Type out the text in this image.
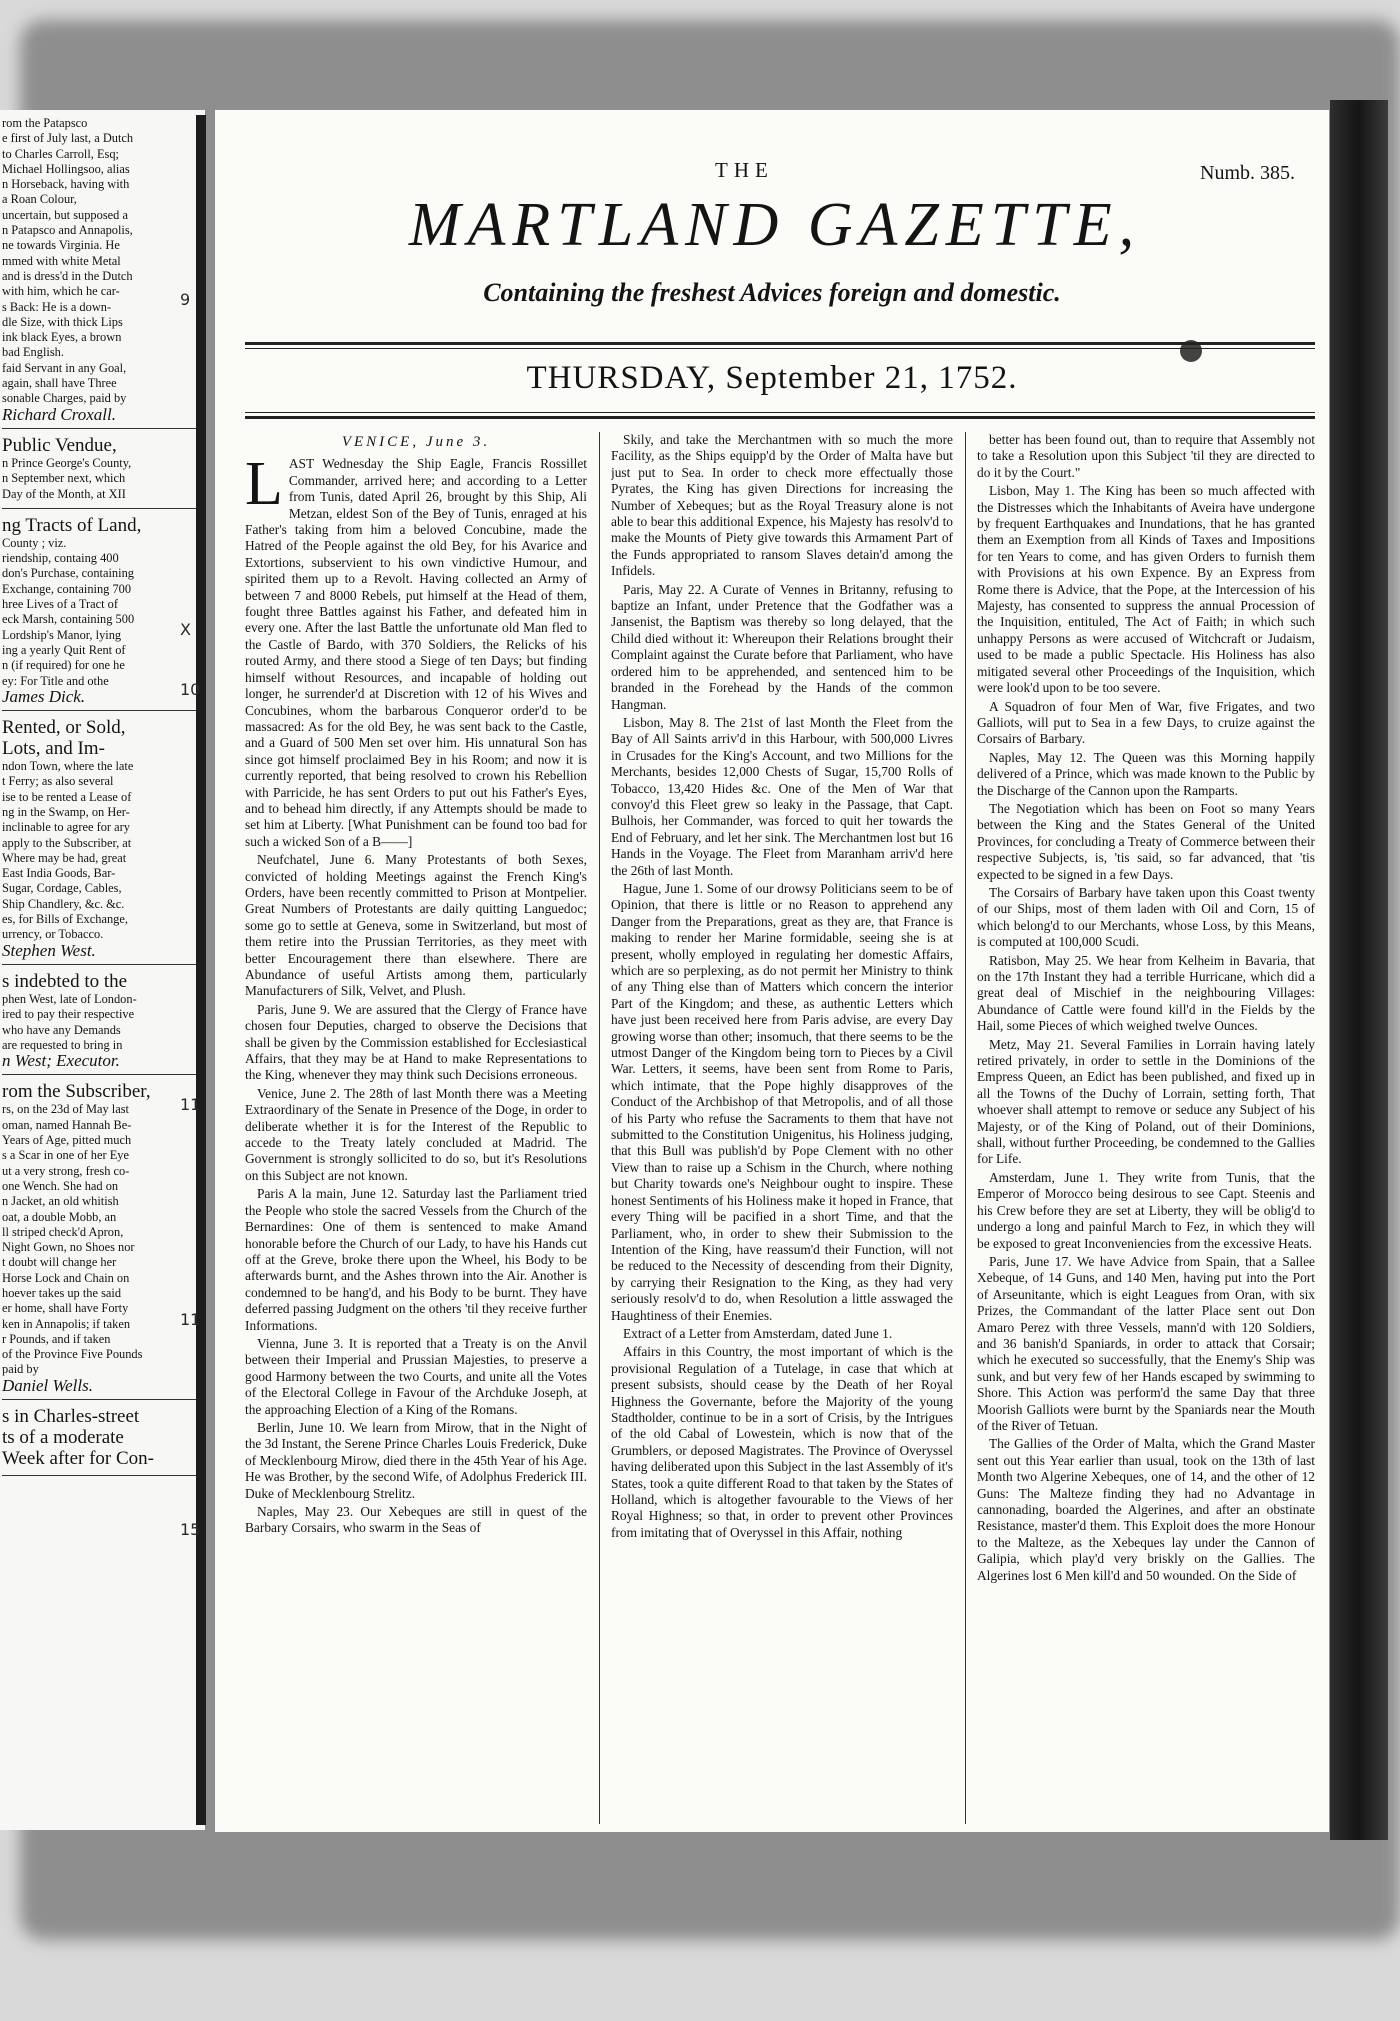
rom the Patapsco

e first of July last, a Dutch

to Charles Carroll, Esq;

Michael Hollingsoo, alias

n Horseback, having with

a Roan Colour,

uncertain, but supposed a

n Patapsco and Annapolis,

ne towards Virginia. He

mmed with white Metal

and is dress'd in the Dutch

with him, which he car-

s Back: He is a down-

dle Size, with thick Lips

ink black Eyes, a brown

bad English.

faid Servant in any Goal,

again, shall have Three

sonable Charges, paid by

Richard Croxall.

Public Vendue,

n Prince George's County,

n September next, which

Day of the Month, at XII

ng Tracts of Land,

County ; viz.

riendship, containg 400

don's Purchase, containing

Exchange, containing 700

hree Lives of a Tract of

eck Marsh, containing 500

Lordship's Manor, lying

ing a yearly Quit Rent of

n (if required) for one he

ey: For Title and othe

James Dick.

Rented, or Sold,

Lots, and Im-

ndon Town, where the late

t Ferry; as also several

ise to be rented a Lease of

ng in the Swamp, on Her-

inclinable to agree for ary

apply to the Subscriber, at

Where may be had, great

East India Goods, Bar-

Sugar, Cordage, Cables,

Ship Chandlery, &c. &c.

es, for Bills of Exchange,

urrency, or Tobacco.

Stephen West.

s indebted to the

phen West, late of London-

ired to pay their respective

who have any Demands

are requested to bring in

n West; Executor.

rom the Subscriber,

rs, on the 23d of May last

oman, named Hannah Be-

Years of Age, pitted much

s a Scar in one of her Eye

ut a very strong, fresh co-

one Wench. She had on

n Jacket, an old whitish

oat, a double Mobb, an

ll striped check'd Apron,

Night Gown, no Shoes nor

t doubt will change her

Horse Lock and Chain on

hoever takes up the said

er home, shall have Forty

ken in Annapolis; if taken

r Pounds, and if taken

of the Province Five Pounds

paid by

Daniel Wells.

s in Charles-street

ts of a moderate

Week after for Con-

9
X
10
11
11
15
THE	Numb. 385.
MARTLAND GAZETTE,
Containing the freshest Advices foreign and domestic.
THURSDAY, September 21, 1752.
VENICE, June 3.
L AST Wednesday the Ship Eagle, Francis Rossillet Commander, arrived here; and according to a Letter from Tunis, dated April 26, brought by this Ship, Ali Metzan, eldest Son of the Bey of Tunis, enraged at his Father's taking from him a beloved Concubine, made the Hatred of the People against the old Bey, for his Avarice and Extortions, subservient to his own vindictive Humour, and spirited them up to a Revolt. Having collected an Army of between 7 and 8000 Rebels, put himself at the Head of them, fought three Battles against his Father, and defeated him in every one. After the last Battle the unfortunate old Man fled to the Castle of Bardo, with 370 Soldiers, the Relicks of his routed Army, and there stood a Siege of ten Days; but finding himself without Resources, and incapable of holding out longer, he surrender'd at Discretion with 12 of his Wives and Concubines, whom the barbarous Conqueror order'd to be massacred: As for the old Bey, he was sent back to the Castle, and a Guard of 500 Men set over him. His unnatural Son has since got himself proclaimed Bey in his Room; and now it is currently reported, that being resolved to crown his Rebellion with Parricide, he has sent Orders to put out his Father's Eyes, and to behead him directly, if any Attempts should be made to set him at Liberty. [What Punishment can be found too bad for such a wicked Son of a B——]

Neufchatel, June 6. Many Protestants of both Sexes, convicted of holding Meetings against the French King's Orders, have been recently committed to Prison at Montpelier. Great Numbers of Protestants are daily quitting Languedoc; some go to settle at Geneva, some in Switzerland, but most of them retire into the Prussian Territories, as they meet with better Encouragement there than elsewhere. There are Abundance of useful Artists among them, particularly Manufacturers of Silk, Velvet, and Plush.

Paris, June 9. We are assured that the Clergy of France have chosen four Deputies, charged to observe the Decisions that shall be given by the Commission established for Ecclesiastical Affairs, that they may be at Hand to make Representations to the King, whenever they may think such Decisions erroneous.

Venice, June 2. The 28th of last Month there was a Meeting Extraordinary of the Senate in Presence of the Doge, in order to deliberate whether it is for the Interest of the Republic to accede to the Treaty lately concluded at Madrid. The Government is strongly sollicited to do so, but it's Resolutions on this Subject are not known.

Paris A la main, June 12. Saturday last the Parliament tried the People who stole the sacred Vessels from the Church of the Bernardines: One of them is sentenced to make Amand honorable before the Church of our Lady, to have his Hands cut off at the Greve, broke there upon the Wheel, his Body to be afterwards burnt, and the Ashes thrown into the Air. Another is condemned to be hang'd, and his Body to be burnt. They have deferred passing Judgment on the others 'til they receive further Informations.

Vienna, June 3. It is reported that a Treaty is on the Anvil between their Imperial and Prussian Majesties, to preserve a good Harmony between the two Courts, and unite all the Votes of the Electoral College in Favour of the Archduke Joseph, at the approaching Election of a King of the Romans.

Berlin, June 10. We learn from Mirow, that in the Night of the 3d Instant, the Serene Prince Charles Louis Frederick, Duke of Mecklenbourg Mirow, died there in the 45th Year of his Age. He was Brother, by the second Wife, of Adolphus Frederick III. Duke of Mecklenbourg Strelitz.

Naples, May 23. Our Xebeques are still in quest of the Barbary Corsairs, who swarm in the Seas of

Skily, and take the Merchantmen with so much the more Facility, as the Ships equipp'd by the Order of Malta have but just put to Sea. In order to check more effectually those Pyrates, the King has given Directions for increasing the Number of Xebeques; but as the Royal Treasury alone is not able to bear this additional Expence, his Majesty has resolv'd to make the Mounts of Piety give towards this Armament Part of the Funds appropriated to ransom Slaves detain'd among the Infidels.

Paris, May 22. A Curate of Vennes in Britanny, refusing to baptize an Infant, under Pretence that the Godfather was a Jansenist, the Baptism was thereby so long delayed, that the Child died without it: Whereupon their Relations brought their Complaint against the Curate before that Parliament, who have ordered him to be apprehended, and sentenced him to be branded in the Forehead by the Hands of the common Hangman.

Lisbon, May 8. The 21st of last Month the Fleet from the Bay of All Saints arriv'd in this Harbour, with 500,000 Livres in Crusades for the King's Account, and two Millions for the Merchants, besides 12,000 Chests of Sugar, 15,700 Rolls of Tobacco, 13,420 Hides &c. One of the Men of War that convoy'd this Fleet grew so leaky in the Passage, that Capt. Bulhois, her Commander, was forced to quit her towards the End of February, and let her sink. The Merchantmen lost but 16 Hands in the Voyage. The Fleet from Maranham arriv'd here the 26th of last Month.

Hague, June 1. Some of our drowsy Politicians seem to be of Opinion, that there is little or no Reason to apprehend any Danger from the Preparations, great as they are, that France is making to render her Marine formidable, seeing she is at present, wholly employed in regulating her domestic Affairs, which are so perplexing, as do not permit her Ministry to think of any Thing else than of Matters which concern the interior Part of the Kingdom; and these, as authentic Letters which have just been received here from Paris advise, are every Day growing worse than other; insomuch, that there seems to be the utmost Danger of the Kingdom being torn to Pieces by a Civil War. Letters, it seems, have been sent from Rome to Paris, which intimate, that the Pope highly disapproves of the Conduct of the Archbishop of that Metropolis, and of all those of his Party who refuse the Sacraments to them that have not submitted to the Constitution Unigenitus, his Holiness judging, that this Bull was publish'd by Pope Clement with no other View than to raise up a Schism in the Church, where nothing but Charity towards one's Neighbour ought to inspire. These honest Sentiments of his Holiness make it hoped in France, that every Thing will be pacified in a short Time, and that the Parliament, who, in order to shew their Submission to the Intention of the King, have reassum'd their Function, will not be reduced to the Necessity of descending from their Dignity, by carrying their Resignation to the King, as they had very seriously resolv'd to do, when Resolution a little asswaged the Haughtiness of their Enemies.

Extract of a Letter from Amsterdam, dated June 1.

Affairs in this Country, the most important of which is the provisional Regulation of a Tutelage, in case that which at present subsists, should cease by the Death of her Royal Highness the Governante, before the Majority of the young Stadtholder, continue to be in a sort of Crisis, by the Intrigues of the old Cabal of Lowestein, which is now that of the Grumblers, or deposed Magistrates. The Province of Overyssel having deliberated upon this Subject in the last Assembly of it's States, took a quite different Road to that taken by the States of Holland, which is altogether favourable to the Views of her Royal Highness; so that, in order to prevent other Provinces from imitating that of Overyssel in this Affair, nothing

better has been found out, than to require that Assembly not to take a Resolution upon this Subject 'til they are directed to do it by the Court."

Lisbon, May 1. The King has been so much affected with the Distresses which the Inhabitants of Aveira have undergone by frequent Earthquakes and Inundations, that he has granted them an Exemption from all Kinds of Taxes and Impositions for ten Years to come, and has given Orders to furnish them with Provisions at his own Expence. By an Express from Rome there is Advice, that the Pope, at the Intercession of his Majesty, has consented to suppress the annual Procession of the Inquisition, entituled, The Act of Faith; in which such unhappy Persons as were accused of Witchcraft or Judaism, used to be made a public Spectacle. His Holiness has also mitigated several other Proceedings of the Inquisition, which were look'd upon to be too severe.

A Squadron of four Men of War, five Frigates, and two Galliots, will put to Sea in a few Days, to cruize against the Corsairs of Barbary.

Naples, May 12. The Queen was this Morning happily delivered of a Prince, which was made known to the Public by the Discharge of the Cannon upon the Ramparts.

The Negotiation which has been on Foot so many Years between the King and the States General of the United Provinces, for concluding a Treaty of Commerce between their respective Subjects, is, 'tis said, so far advanced, that 'tis expected to be signed in a few Days.

The Corsairs of Barbary have taken upon this Coast twenty of our Ships, most of them laden with Oil and Corn, 15 of which belong'd to our Merchants, whose Loss, by this Means, is computed at 100,000 Scudi.

Ratisbon, May 25. We hear from Kelheim in Bavaria, that on the 17th Instant they had a terrible Hurricane, which did a great deal of Mischief in the neighbouring Villages: Abundance of Cattle were found kill'd in the Fields by the Hail, some Pieces of which weighed twelve Ounces.

Metz, May 21. Several Families in Lorrain having lately retired privately, in order to settle in the Dominions of the Empress Queen, an Edict has been published, and fixed up in all the Towns of the Duchy of Lorrain, setting forth, That whoever shall attempt to remove or seduce any Subject of his Majesty, or of the King of Poland, out of their Dominions, shall, without further Proceeding, be condemned to the Gallies for Life.

Amsterdam, June 1. They write from Tunis, that the Emperor of Morocco being desirous to see Capt. Steenis and his Crew before they are set at Liberty, they will be oblig'd to undergo a long and painful March to Fez, in which they will be exposed to great Inconveniencies from the excessive Heats.

Paris, June 17. We have Advice from Spain, that a Sallee Xebeque, of 14 Guns, and 140 Men, having put into the Port of Arseunitante, which is eight Leagues from Oran, with six Prizes, the Commandant of the latter Place sent out Don Amaro Perez with three Vessels, mann'd with 120 Soldiers, and 36 banish'd Spaniards, in order to attack that Corsair; which he executed so successfully, that the Enemy's Ship was sunk, and but very few of her Hands escaped by swimming to Shore. This Action was perform'd the same Day that three Moorish Galliots were burnt by the Spaniards near the Mouth of the River of Tetuan.

The Gallies of the Order of Malta, which the Grand Master sent out this Year earlier than usual, took on the 13th of last Month two Algerine Xebeques, one of 14, and the other of 12 Guns: The Malteze finding they had no Advantage in cannonading, boarded the Algerines, and after an obstinate Resistance, master'd them. This Exploit does the more Honour to the Malteze, as the Xebeques lay under the Cannon of Galipia, which play'd very briskly on the Gallies. The Algerines lost 6 Men kill'd and 50 wounded. On the Side of
